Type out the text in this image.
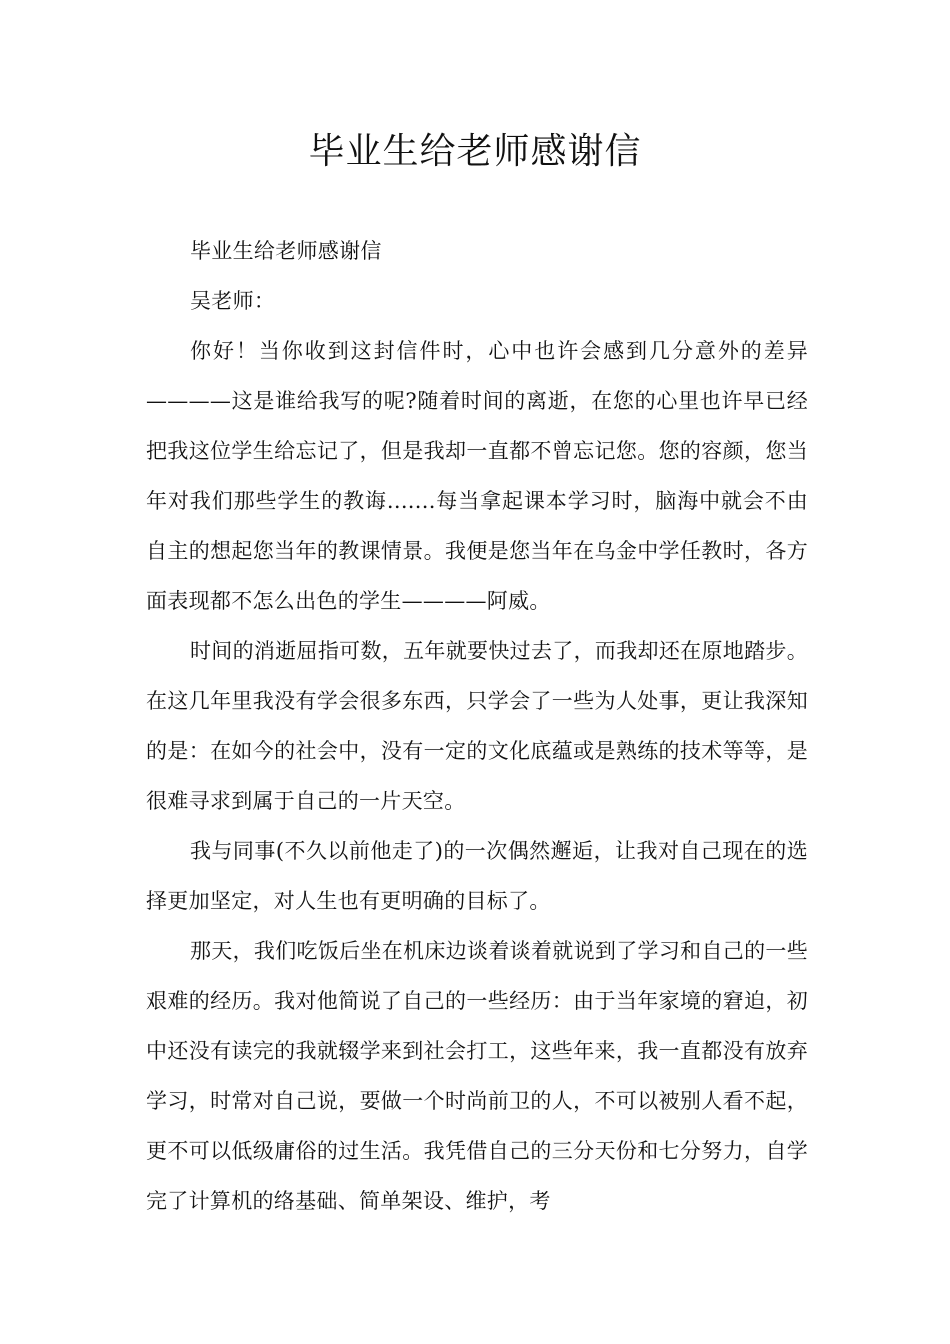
毕业生给老师感谢信

毕业生给老师感谢信

吴老师：

你好！当你收到这封信件时，心中也许会感到几分意外的差异————这是谁给我写的呢?随着时间的离逝，在您的心里也许早已经把我这位学生给忘记了，但是我却一直都不曾忘记您。您的容颜，您当年对我们那些学生的教诲.......每当拿起课本学习时，脑海中就会不由自主的想起您当年的教课情景。我便是您当年在乌金中学任教时，各方面表现都不怎么出色的学生————阿威。

时间的消逝屈指可数，五年就要快过去了，而我却还在原地踏步。在这几年里我没有学会很多东西，只学会了一些为人处事，更让我深知的是：在如今的社会中，没有一定的文化底蕴或是熟练的技术等等，是很难寻求到属于自己的一片天空。

我与同事(不久以前他走了)的一次偶然邂逅，让我对自己现在的选择更加坚定，对人生也有更明确的目标了。

那天，我们吃饭后坐在机床边谈着谈着就说到了学习和自己的一些艰难的经历。我对他简说了自己的一些经历：由于当年家境的窘迫，初中还没有读完的我就辍学来到社会打工，这些年来，我一直都没有放弃学习，时常对自己说，要做一个时尚前卫的人，不可以被别人看不起，更不可以低级庸俗的过生活。我凭借自己的三分天份和七分努力，自学完了计算机的络基础、简单架设、维护，考
